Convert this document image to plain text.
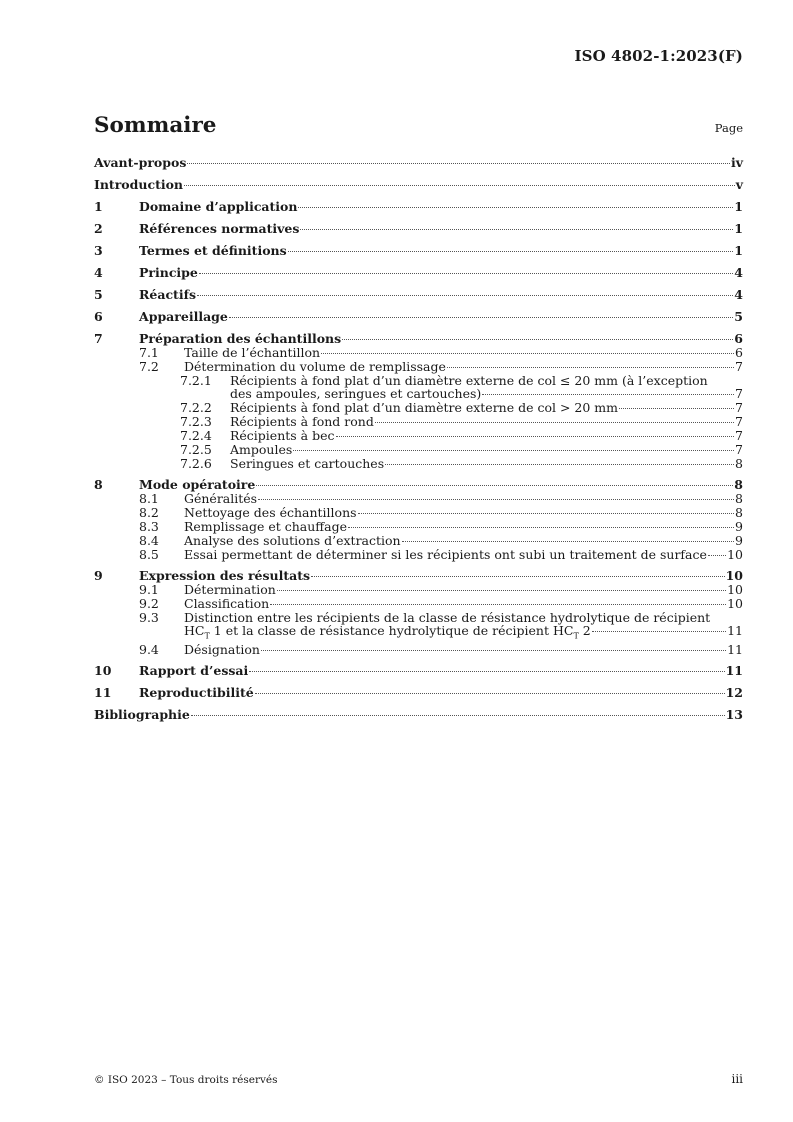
ISO 4802-1:2023(F)
Sommaire	Page
Avant-propos	iv
Introduction	v
1	Domaine d’application	1
2	Références normatives	1
3	Termes et définitions	1
4	Principe	4
5	Réactifs	4
6	Appareillage	5
7	Préparation des échantillons	6
7.1	Taille de l’échantillon	6
7.2	Détermination du volume de remplissage	7
7.2.1	Récipients à fond plat d’un diamètre externe de col ≤ 20 mm (à l’exception
des ampoules, seringues et cartouches)	7
7.2.2	Récipients à fond plat d’un diamètre externe de col > 20 mm	7
7.2.3	Récipients à fond rond	7
7.2.4	Récipients à bec	7
7.2.5	Ampoules	7
7.2.6	Seringues et cartouches	8
8	Mode opératoire	8
8.1	Généralités	8
8.2	Nettoyage des échantillons	8
8.3	Remplissage et chauffage	9
8.4	Analyse des solutions d’extraction	9
8.5	Essai permettant de déterminer si les récipients ont subi un traitement de surface 10
9	Expression des résultats	10
9.1	Détermination	10
9.2	Classification	10
9.3	Distinction entre les récipients de la classe de résistance hydrolytique de récipient
$HC_T$ 1 et la classe de résistance hydrolytique de récipient $HC_T$ 2	11
9.4	Désignation	11
10	Rapport d’essai	11
11	Reproductibilité	12
Bibliographie	13
© ISO 2023 – Tous droits réservés	iii
